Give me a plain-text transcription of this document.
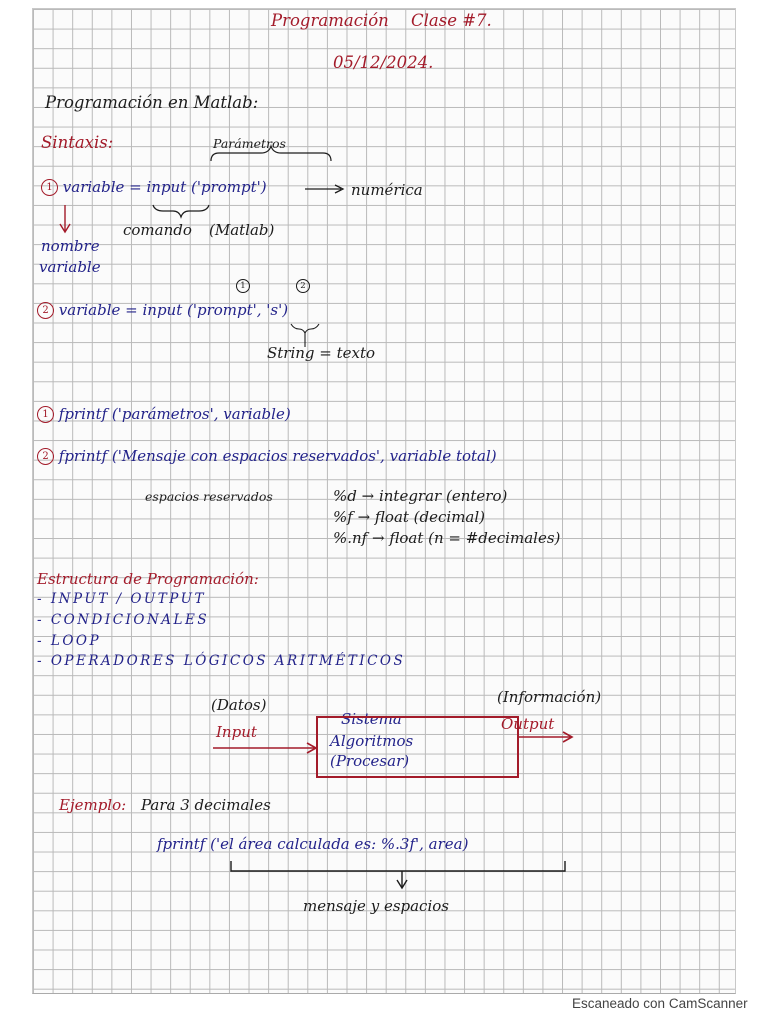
Programación Clase #7.
05/12/2024.
Programación en Matlab:
Sintaxis:	Parámetros
1 variable = input ('prompt')	numérica
comando (Matlab)
nombre
variable
1	2
2 variable = input ('prompt', 's')
String = texto
1 fprintf ('parámetros', variable)
2 fprintf ('Mensaje con espacios reservados', variable total)
espacios reservados	%d → integrar (entero)
%f → float (decimal)
%.nf → float (n = #decimales)
Estructura de Programación:
- INPUT / OUTPUT
- CONDICIONALES
- LOOP
- OPERADORES LÓGICOS ARITMÉTICOS
(Datos)
Input
(Información)
Output
Sistema
Algoritmos
(Procesar)
Ejemplo: Para 3 decimales
fprintf ('el área calculada es: %.3f', area)
mensaje y espacios
Escaneado con CamScanner
